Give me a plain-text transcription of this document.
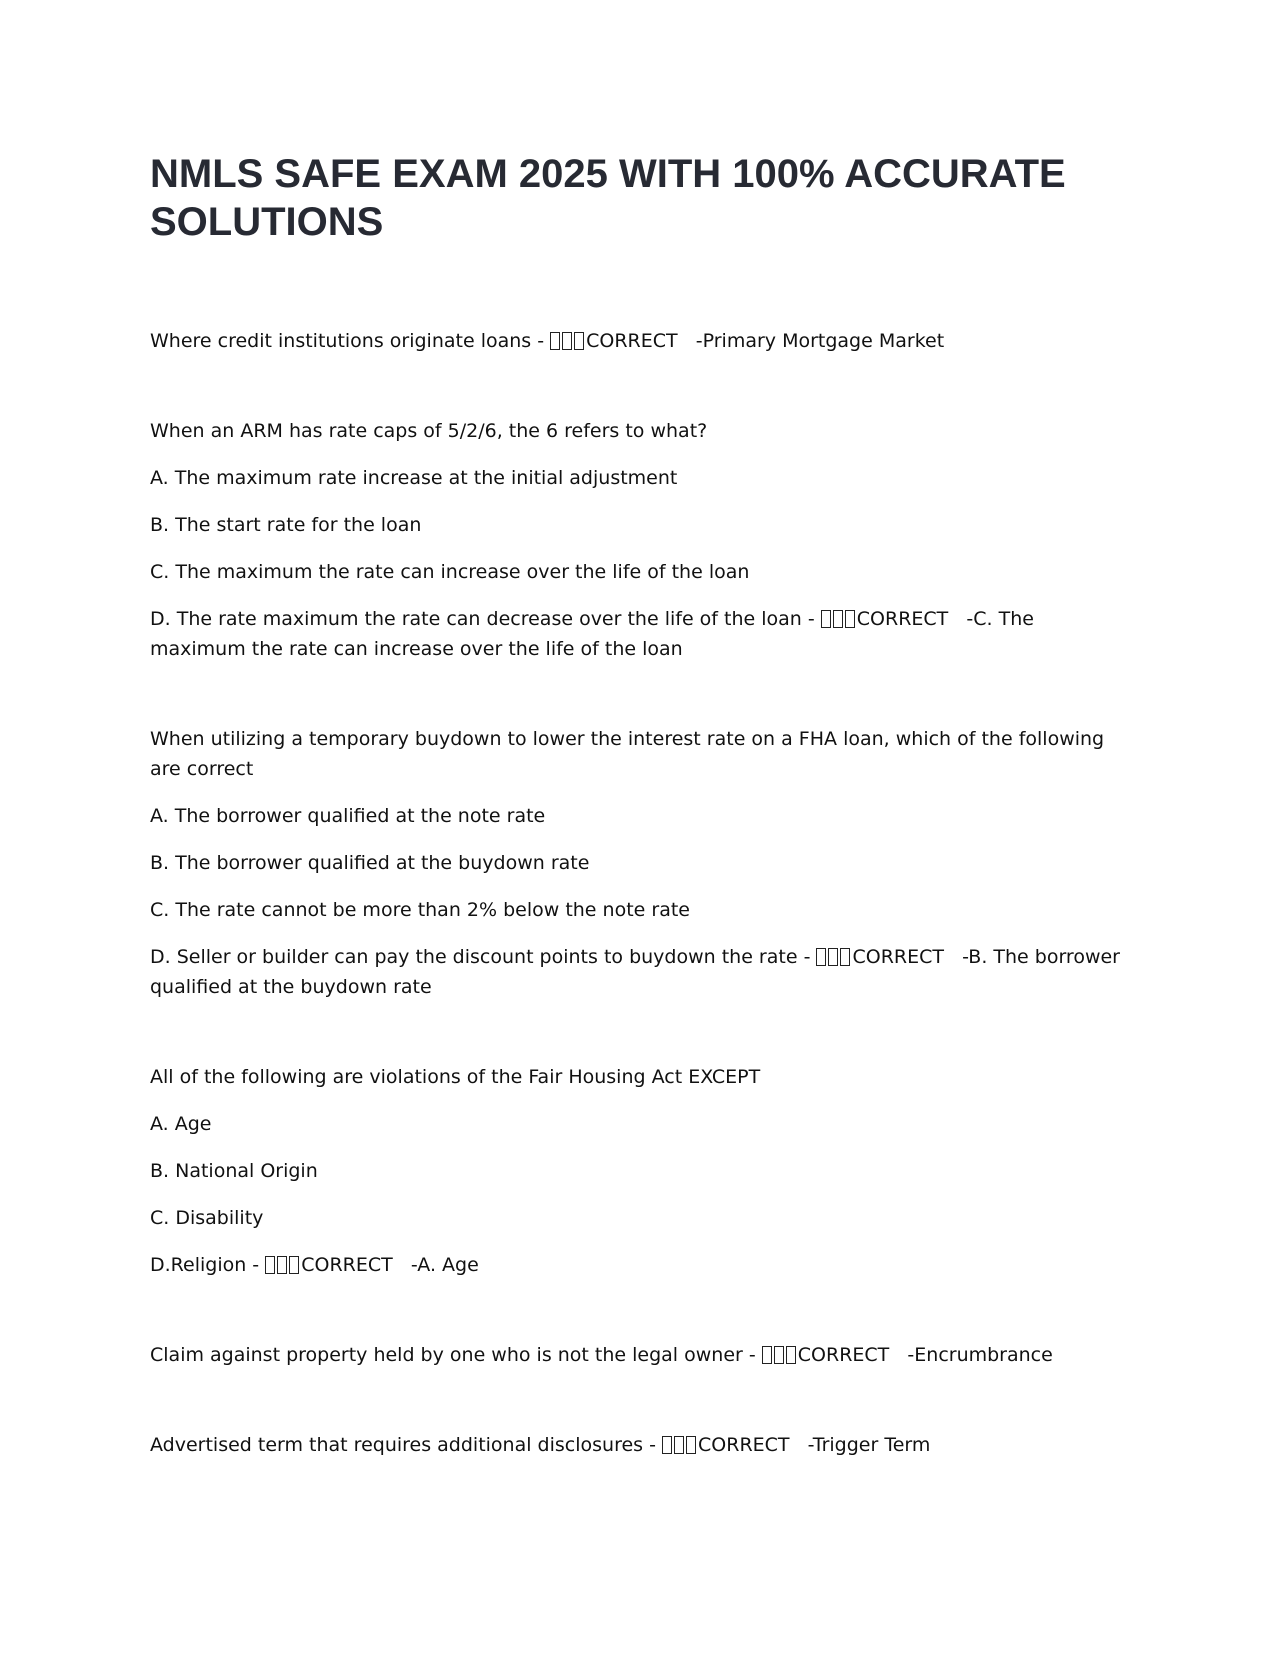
NMLS SAFE EXAM 2025 WITH 100% ACCURATE SOLUTIONS

Where credit institutions originate loans - CORRECT   -Primary Mortgage Market

When an ARM has rate caps of 5/2/6, the 6 refers to what?

A. The maximum rate increase at the initial adjustment

B. The start rate for the loan

C. The maximum the rate can increase over the life of the loan

D. The rate maximum the rate can decrease over the life of the loan - CORRECT   -C. The maximum the rate can increase over the life of the loan

When utilizing a temporary buydown to lower the interest rate on a FHA loan, which of the following are correct

A. The borrower qualified at the note rate

B. The borrower qualified at the buydown rate

C. The rate cannot be more than 2% below the note rate

D. Seller or builder can pay the discount points to buydown the rate - CORRECT   -B. The borrower qualified at the buydown rate

All of the following are violations of the Fair Housing Act EXCEPT

A. Age

B. National Origin

C. Disability

D.Religion - CORRECT   -A. Age

Claim against property held by one who is not the legal owner - CORRECT   -Encrumbrance

Advertised term that requires additional disclosures - CORRECT   -Trigger Term
